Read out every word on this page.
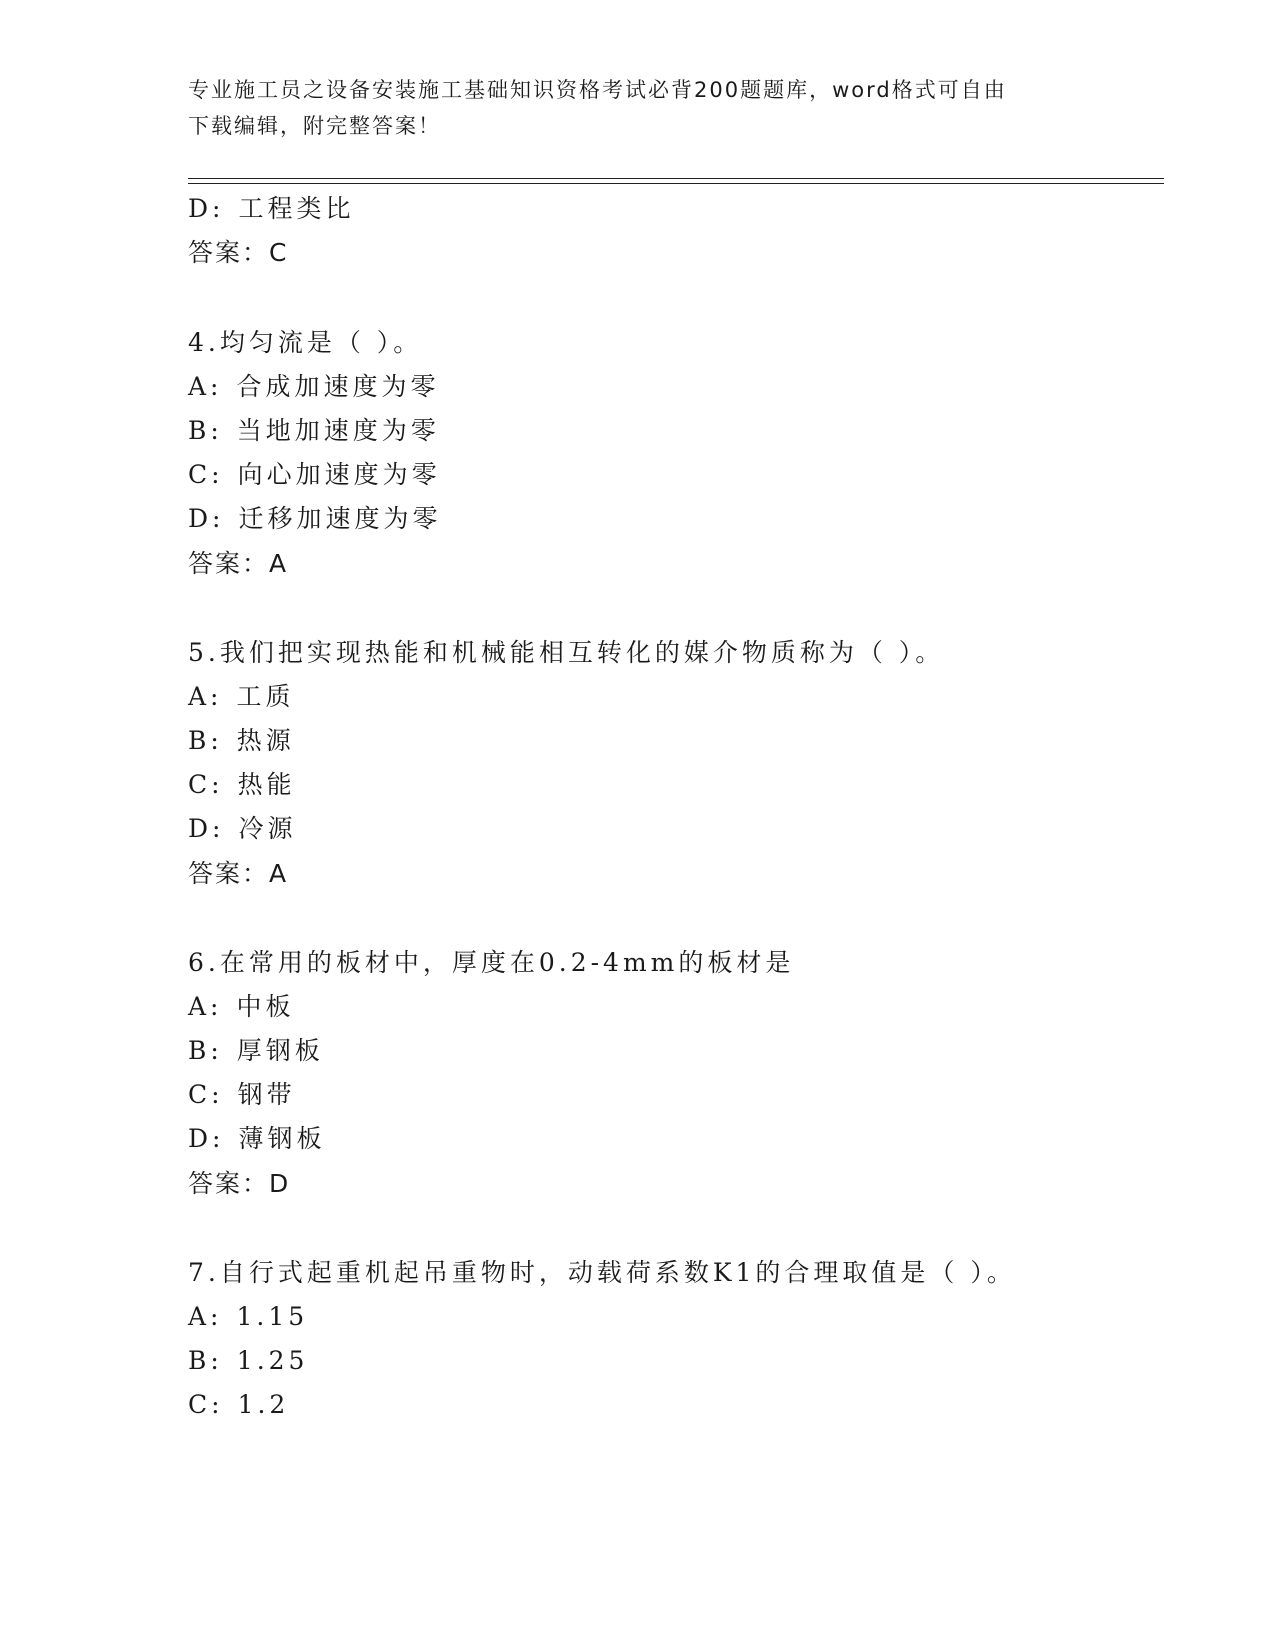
专业施工员之设备安装施工基础知识资格考试必背200题题库，word格式可自由
下载编辑，附完整答案！
D: 工程类比
答案：C
4.均匀流是（ ）。
A: 合成加速度为零
B: 当地加速度为零
C: 向心加速度为零
D: 迁移加速度为零
答案：A
5.我们把实现热能和机械能相互转化的媒介物质称为（ ）。
A: 工质
B: 热源
C: 热能
D: 冷源
答案：A
6.在常用的板材中，厚度在0.2-4mm的板材是
A: 中板
B: 厚钢板
C: 钢带
D: 薄钢板
答案：D
7.自行式起重机起吊重物时，动载荷系数K1的合理取值是（ ）。
A: 1.15
B: 1.25
C: 1.2
